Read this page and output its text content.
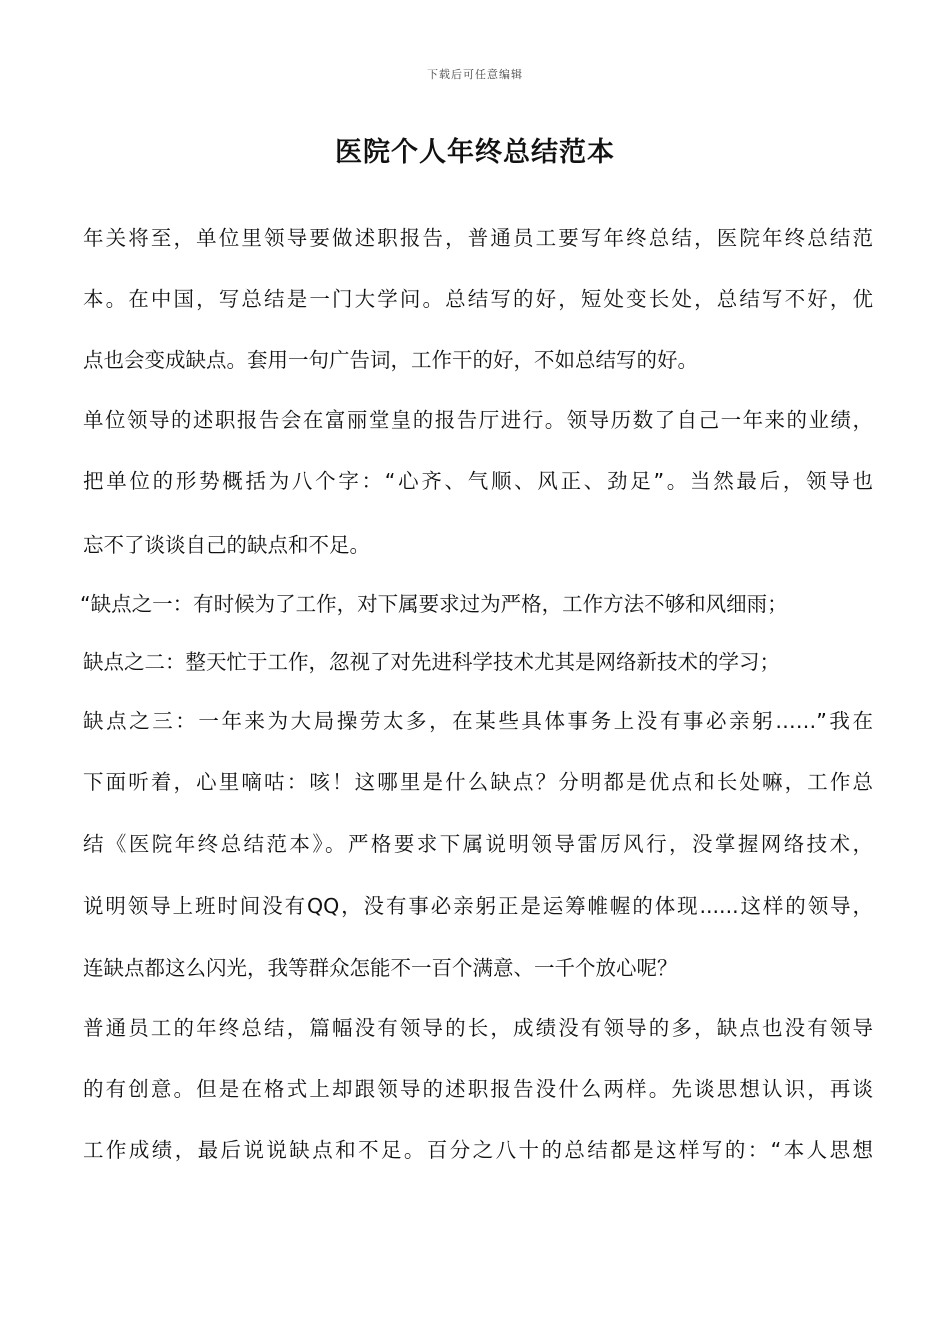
下载后可任意编辑
医院个人年终总结范本
年关将至，单位里领导要做述职报告，普通员工要写年终总结，医院年终总结范
本。在中国，写总结是一门大学问。总结写的好，短处变长处，总结写不好，优
点也会变成缺点。套用一句广告词，工作干的好，不如总结写的好。
单位领导的述职报告会在富丽堂皇的报告厅进行。领导历数了自己一年来的业绩，
把单位的形势概括为八个字：“心齐、气顺、风正、劲足”。当然最后，领导也
忘不了谈谈自己的缺点和不足。
“缺点之一：有时候为了工作，对下属要求过为严格，工作方法不够和风细雨；
缺点之二：整天忙于工作，忽视了对先进科学技术尤其是网络新技术的学习；
缺点之三：一年来为大局操劳太多，在某些具体事务上没有事必亲躬……”我在
下面听着，心里嘀咕：咳！这哪里是什么缺点？分明都是优点和长处嘛，工作总
结《医院年终总结范本》。严格要求下属说明领导雷厉风行，没掌握网络技术，
说明领导上班时间没有QQ，没有事必亲躬正是运筹帷幄的体现......这样的领导，
连缺点都这么闪光，我等群众怎能不一百个满意、一千个放心呢？
普通员工的年终总结，篇幅没有领导的长，成绩没有领导的多，缺点也没有领导
的有创意。但是在格式上却跟领导的述职报告没什么两样。先谈思想认识，再谈
工作成绩，最后说说缺点和不足。百分之八十的总结都是这样写的：“本人思想
